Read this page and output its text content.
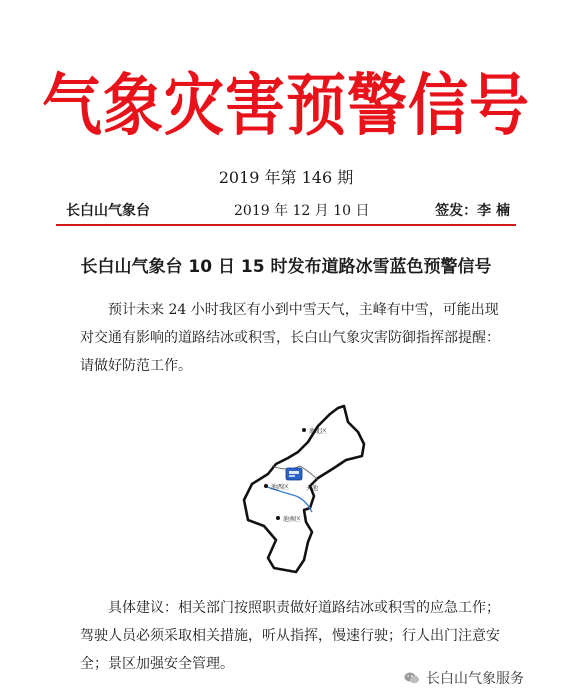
气象灾害预警信号
2019 年第 146 期
长白山气象台	2019 年 12 月 10 日	签发：李 楠
长白山气象台 10 日 15 时发布道路冰雪蓝色预警信号
预计未来 24 小时我区有小到中雪天气，主峰有中雪，可能出现对交通有影响的道路结冰或积雪，长白山气象灾害防御指挥部提醒：请做好防范工作。
池北区
池西区
池南区
天池
具体建议：相关部门按照职责做好道路结冰或积雪的应急工作；驾驶人员必须采取相关措施，听从指挥，慢速行驶；行人出门注意安全；景区加强安全管理。
长白山气象服务
